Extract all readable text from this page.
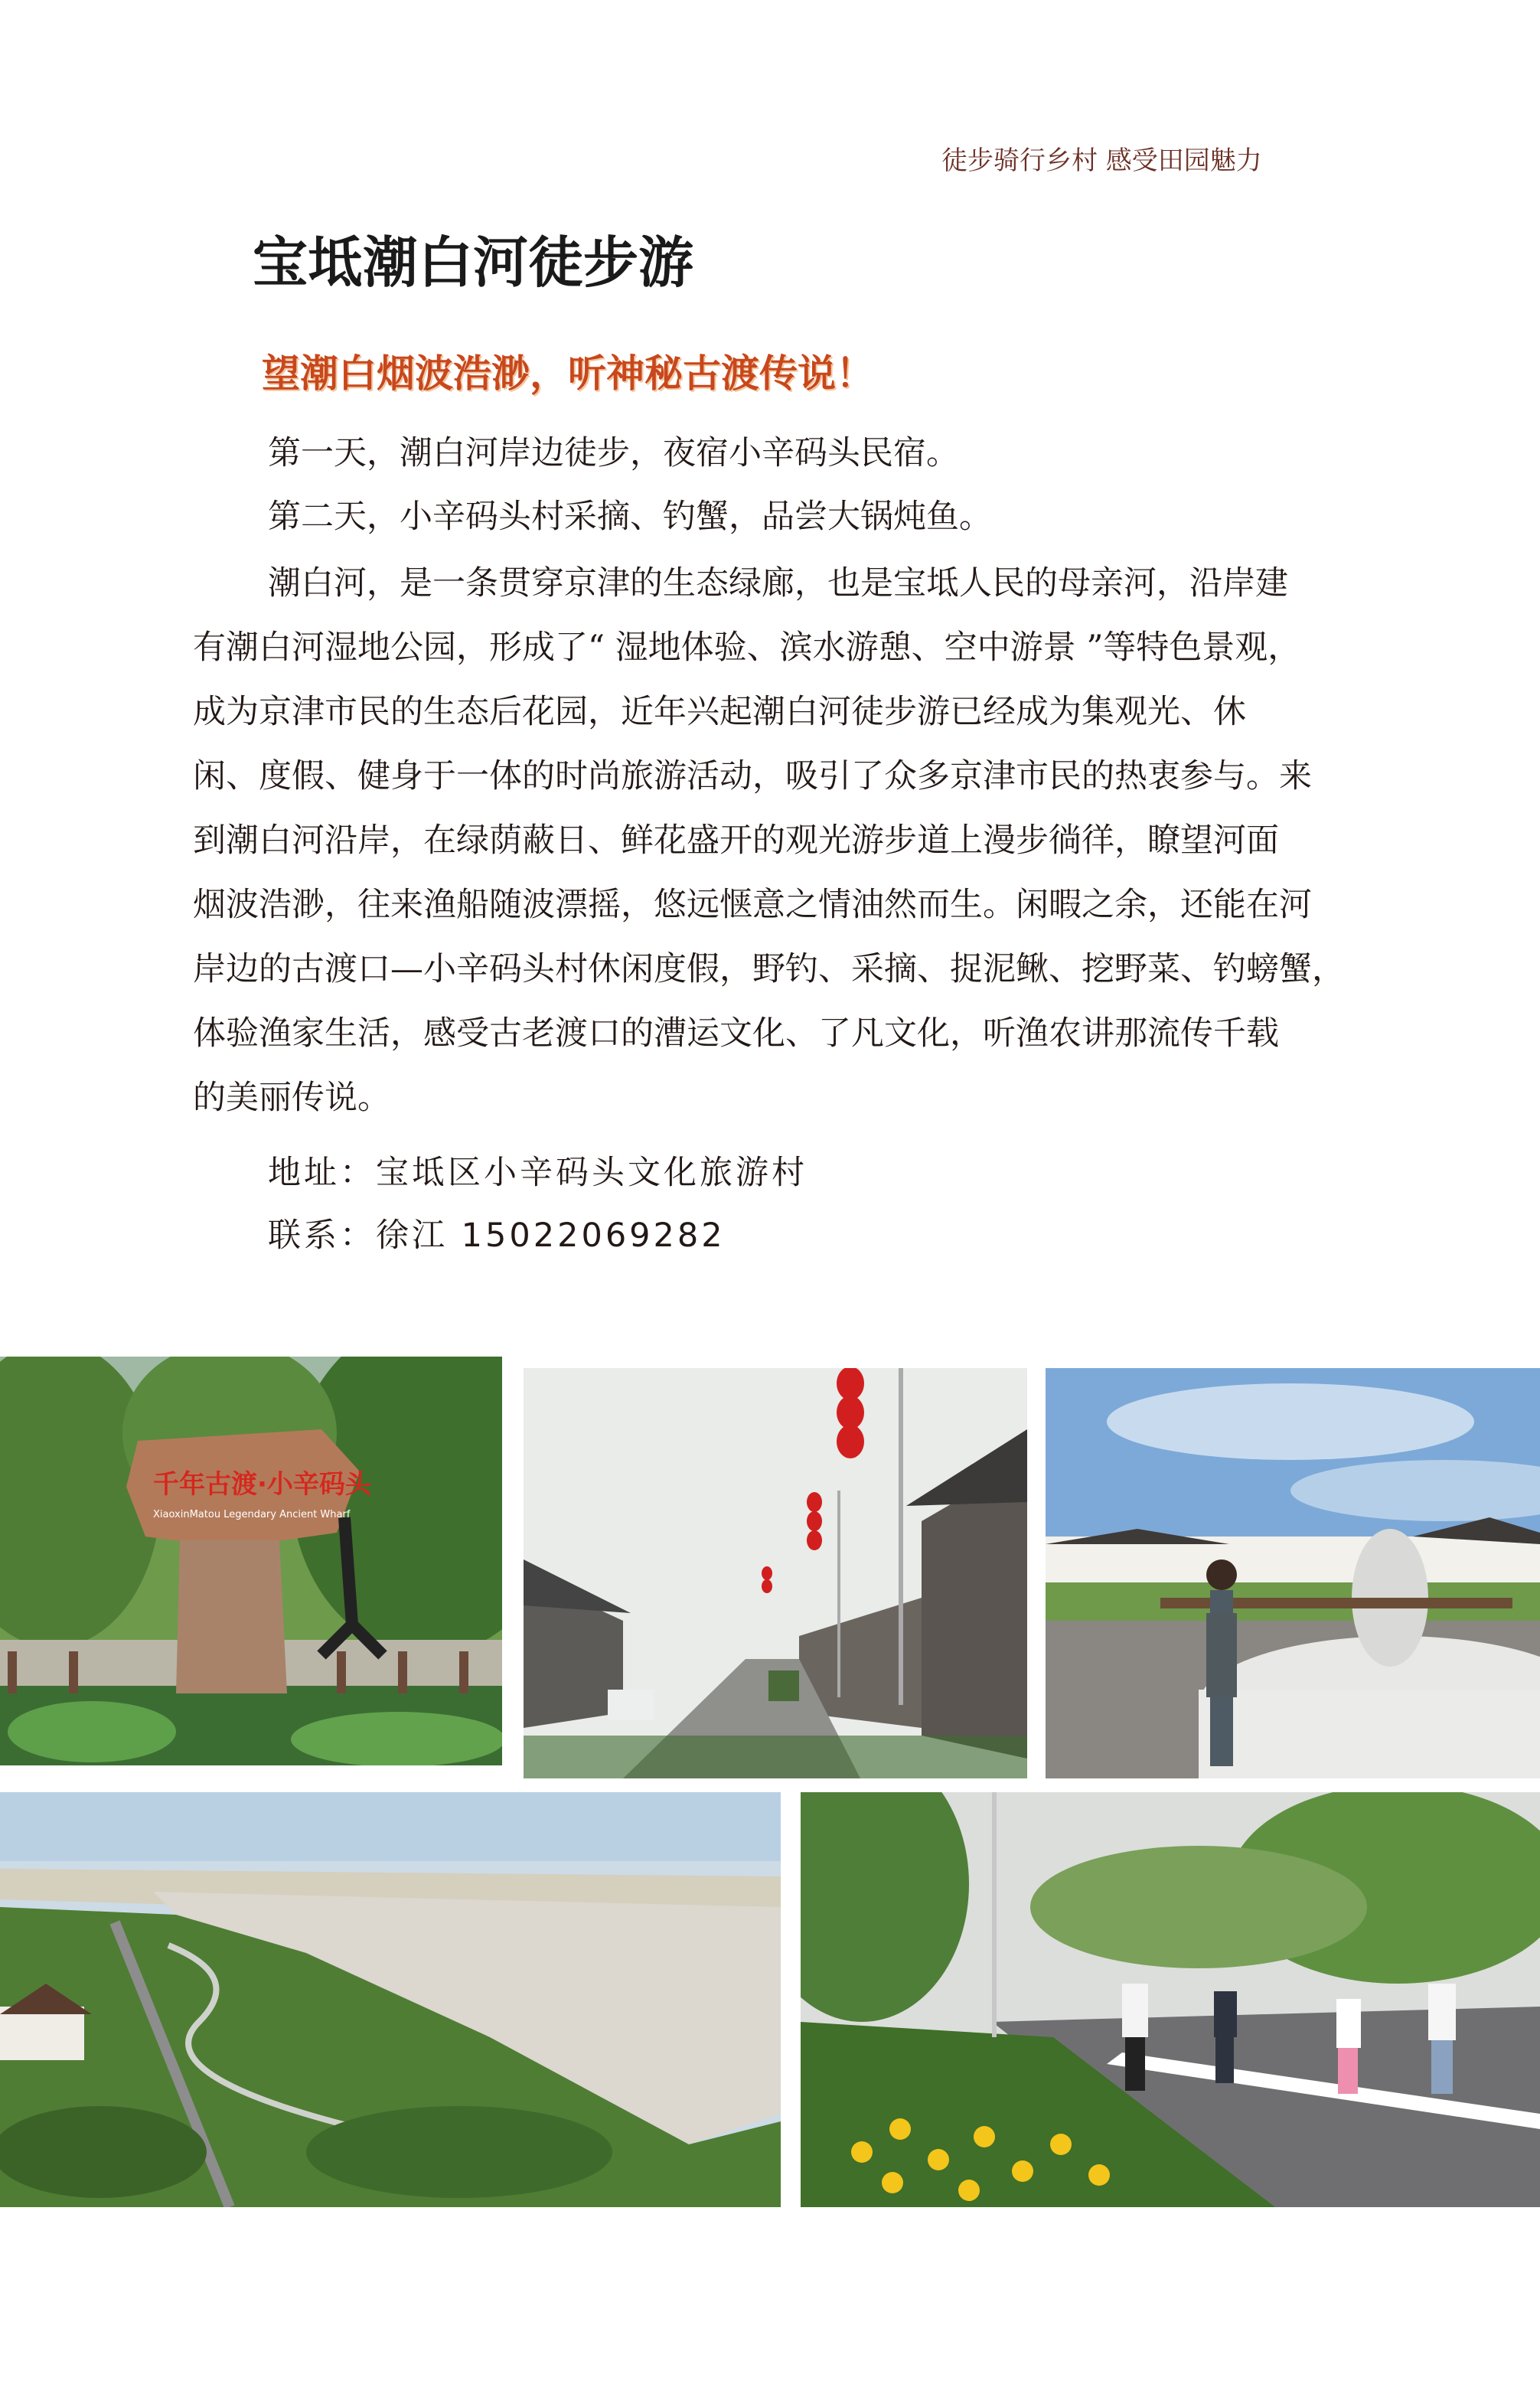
徒步骑行乡村 感受田园魅力
宝坻潮白河徒步游
望潮白烟波浩渺，听神秘古渡传说！
第一天，潮白河岸边徒步，夜宿小辛码头民宿。
第二天，小辛码头村采摘、钓蟹，品尝大锅炖鱼。
潮白河，是一条贯穿京津的生态绿廊，也是宝坻人民的母亲河，沿岸建
有潮白河湿地公园，形成了“ 湿地体验、滨水游憩、空中游景 ”等特色景观，
成为京津市民的生态后花园，近年兴起潮白河徒步游已经成为集观光、休
闲、度假、健身于一体的时尚旅游活动，吸引了众多京津市民的热衷参与。来
到潮白河沿岸，在绿荫蔽日、鲜花盛开的观光游步道上漫步徜徉，瞭望河面
烟波浩渺，往来渔船随波漂摇，悠远惬意之情油然而生。闲暇之余，还能在河
岸边的古渡口—小辛码头村休闲度假，野钓、采摘、捉泥鳅、挖野菜、钓螃蟹，
体验渔家生活，感受古老渡口的漕运文化、了凡文化，听渔农讲那流传千载
的美丽传说。
地址：宝坻区小辛码头文化旅游村
联系：徐江 15022069282
千年古渡·小辛码头
XiaoxinMatou Legendary Ancient Wharf
